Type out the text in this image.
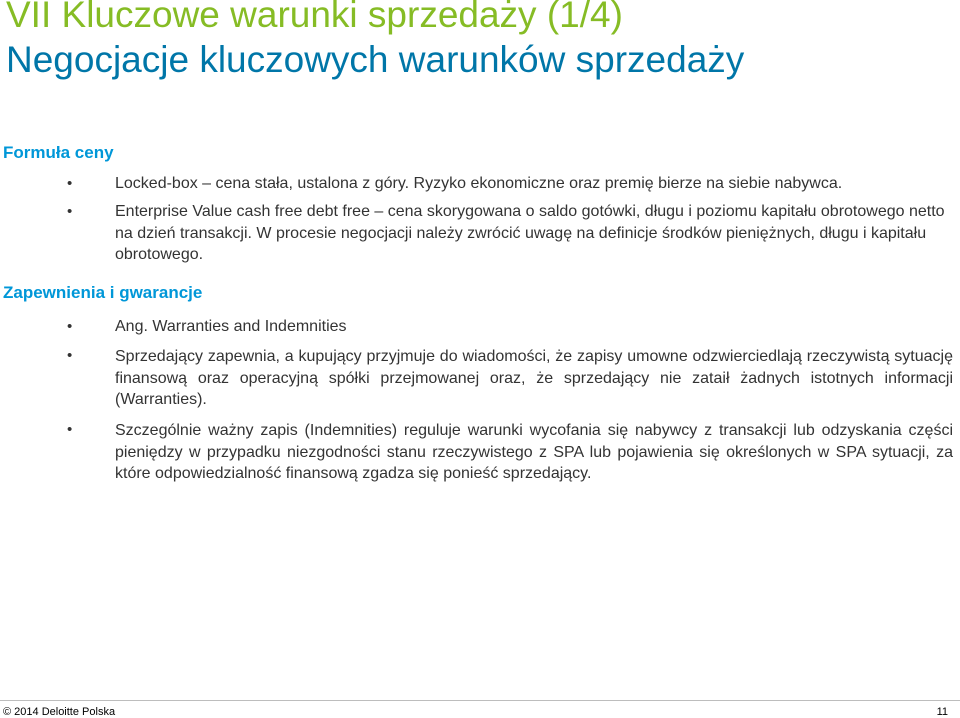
VII Kluczowe warunki sprzedaży (1/4)
Negocjacje kluczowych warunków sprzedaży
Formuła ceny
•	Locked-box – cena stała, ustalona z góry. Ryzyko ekonomiczne oraz premię bierze na siebie nabywca.

•	Enterprise Value cash free debt free – cena skorygowana o saldo gotówki, długu i poziomu kapitału obrotowego netto na dzień transakcji. W procesie negocjacji należy zwrócić uwagę na definicje środków pieniężnych, długu i kapitału obrotowego.

Zapewnienia i gwarancje
•	Ang. Warranties and Indemnities

•	Sprzedający zapewnia, a kupujący przyjmuje do wiadomości, że zapisy umowne odzwierciedlają rzeczywistą sytuację finansową oraz operacyjną spółki przejmowanej oraz, że sprzedający nie zataił żadnych istotnych informacji (Warranties).

•	Szczególnie ważny zapis (Indemnities) reguluje warunki wycofania się nabywcy z transakcji lub odzyskania części pieniędzy w przypadku niezgodności stanu rzeczywistego z SPA lub pojawienia się określonych w SPA sytuacji, za które odpowiedzialność finansową zgadza się ponieść sprzedający.

© 2014 Deloitte Polska	11
